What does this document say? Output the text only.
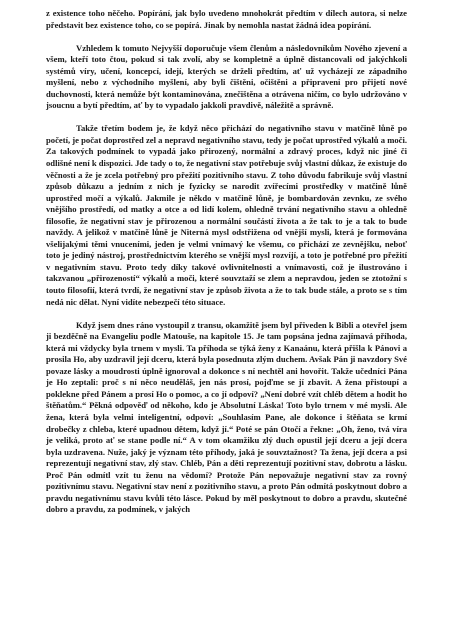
z existence toho něčeho. Popírání, jak bylo uvedeno mnohokrát předtím v dílech autora, si nelze představit bez existence toho, co se popírá. Jinak by nemohla nastat žádná idea popírání.

Vzhledem k tomuto Nejvyšší doporučuje všem členům a následovníkům Nového zjevení a všem, kteří toto čtou, pokud si tak zvolí, aby se kompletně a úplně distancovali od jakýchkoli systémů víry, učení, koncepcí, idejí, kterých se drželi předtím, ať už vycházejí ze západního myšlení, nebo z východního myšlení, aby byli čištěni, očištěni a připraveni pro přijetí nové duchovnosti, která nemůže být kontaminována, znečištěna a otrávena ničím, co bylo udržováno v jsoucnu a bytí předtím, ať by to vypadalo jakkoli pravdivě, náležitě a správně.

Takže třetím bodem je, že když něco přichází do negativního stavu v matčině lůně po početí, je počat doprostřed zel a nepravd negativního stavu, tedy je počat uprostřed výkalů a moči. Za takových podmínek to vypadá jako přirozený, normální a zdravý proces, když nic jiné či odlišné není k dispozici. Jde tady o to, že negativní stav potřebuje svůj vlastní důkaz, že existuje do věčnosti a že je zcela potřebný pro přežití pozitivního stavu. Z toho důvodu fabrikuje svůj vlastní způsob důkazu a jedním z nich je fyzicky se narodit zvířecími prostředky v matčině lůně uprostřed močí a výkalů. Jakmile je někdo v matčině lůně, je bombardován zevnku, ze svého vnějšího prostředí, od matky a otce a od lidí kolem, ohledně trvání negativního stavu a ohledně filosofie, že negativní stav je přirozenou a normální součástí života a že tak to je a tak to bude navždy. A jelikož v matčině lůně je Niterná mysl odstřižena od vnější mysli, která je formována všelijakými těmi vnuceními, jeden je velmi vnímavý ke všemu, co přichází ze zevnějšku, neboť toto je jediný nástroj, prostřednictvím kterého se vnější mysl rozvíjí, a toto je potřebné pro přežití v negativním stavu. Proto tedy díky takové ovlivnitelnosti a vnímavosti, což je ilustrováno i takzvanou „přirozeností“ výkalů a moči, které souvztaží se zlem a nepravdou, jeden se ztotožní s touto filosofií, která tvrdí, že negativní stav je způsob života a že to tak bude stále, a proto se s tím nedá nic dělat. Nyní vidíte nebezpečí této situace.

Když jsem dnes ráno vystoupil z transu, okamžitě jsem byl přiveden k Bibli a otevřel jsem ji bezděčně na Evangeliu podle Matouše, na kapitole 15. Je tam popsána jedna zajímavá příhoda, která mi vždycky byla trnem v mysli. Ta příhoda se týká ženy z Kanaánu, která přišla k Pánovi a prosila Ho, aby uzdravil její dceru, která byla posednuta zlým duchem. Avšak Pán ji navzdory Své povaze lásky a moudrosti úplně ignoroval a dokonce s ní nechtěl ani hovořit. Takže učedníci Pána je Ho zeptali: proč s ní něco neuděláš, jen nás prosí, pojďme se jí zbavit. A žena přistoupí a poklekne před Pánem a prosí Ho o pomoc, a co jí odpoví? „Není dobré vzít chléb dětem a hodit ho štěňatům.“ Pěkná odpověď od někoho, kdo je Absolutní Láska! Toto bylo trnem v mé mysli. Ale žena, která byla velmi inteligentní, odpoví: „Souhlasím Pane, ale dokonce i štěňata se krmí drobečky z chleba, které upadnou dětem, když jí.“ Poté se pán Otočí a řekne: „Oh, ženo, tvá víra je veliká, proto ať se stane podle ní.“ A v tom okamžiku zlý duch opustil její dceru a její dcera byla uzdravena. Nuže, jaký je význam této příhody, jaká je souvztažnost? Ta žena, její dcera a psi reprezentují negativní stav, zlý stav. Chléb, Pán a děti reprezentují pozitivní stav, dobrotu a lásku. Proč Pán odmítl vzít tu ženu na vědomí? Protože Pán nepovažuje negativní stav za rovný pozitivnímu stavu. Negativní stav není z pozitivního stavu, a proto Pán odmítá poskytnout dobro a pravdu negativnímu stavu kvůli této lásce. Pokud by měl poskytnout to dobro a pravdu, skutečné dobro a pravdu, za podmínek, v jakých
